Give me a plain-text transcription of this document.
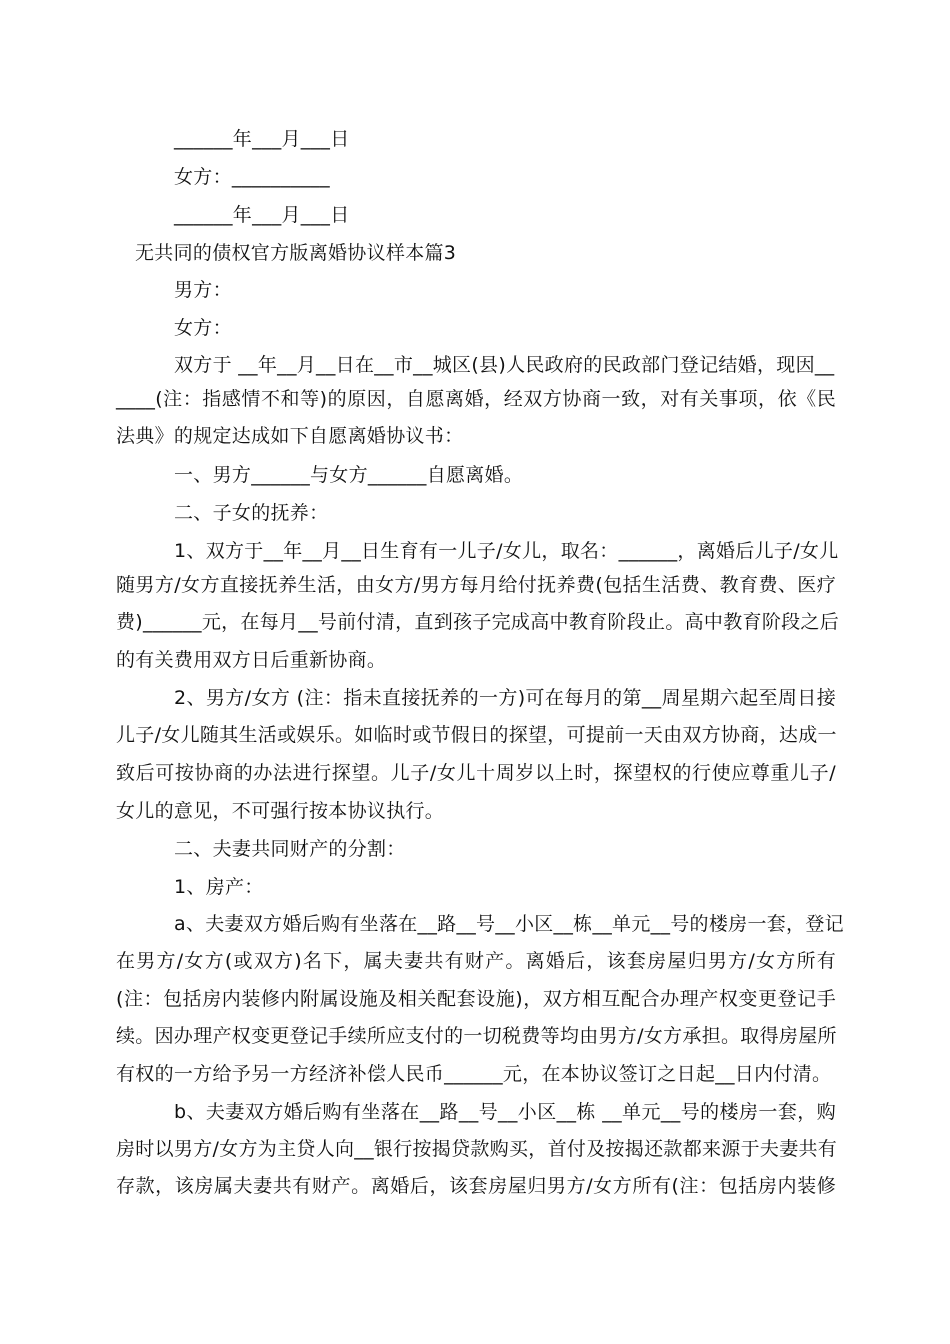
______年___月___日
女方：__________
______年___月___日
无共同的债权官方版离婚协议样本篇3
男方：
女方：
双方于 __年__月__日在__市__城区(县)人民政府的民政部门登记结婚，现因__
____(注：指感情不和等)的原因，自愿离婚，经双方协商一致，对有关事项，依《民
法典》的规定达成如下自愿离婚协议书：
一、男方______与女方______自愿离婚。
二、子女的抚养：
1、双方于__年__月__日生育有一儿子/女儿，取名：______，离婚后儿子/女儿
随男方/女方直接抚养生活，由女方/男方每月给付抚养费(包括生活费、教育费、医疗
费)______元，在每月__号前付清，直到孩子完成高中教育阶段止。高中教育阶段之后
的有关费用双方日后重新协商。
2、男方/女方 (注：指未直接抚养的一方)可在每月的第__周星期六起至周日接
儿子/女儿随其生活或娱乐。如临时或节假日的探望，可提前一天由双方协商，达成一
致后可按协商的办法进行探望。儿子/女儿十周岁以上时，探望权的行使应尊重儿子/
女儿的意见，不可强行按本协议执行。
二、夫妻共同财产的分割：
1、房产：
a、夫妻双方婚后购有坐落在__路__号__小区__栋__单元__号的楼房一套，登记
在男方/女方(或双方)名下，属夫妻共有财产。离婚后，该套房屋归男方/女方所有
(注：包括房内装修内附属设施及相关配套设施)，双方相互配合办理产权变更登记手
续。因办理产权变更登记手续所应支付的一切税费等均由男方/女方承担。取得房屋所
有权的一方给予另一方经济补偿人民币______元，在本协议签订之日起__日内付清。
b、夫妻双方婚后购有坐落在__路__号__小区__栋 __单元__号的楼房一套，购
房时以男方/女方为主贷人向__银行按揭贷款购买，首付及按揭还款都来源于夫妻共有
存款，该房属夫妻共有财产。离婚后，该套房屋归男方/女方所有(注：包括房内装修
